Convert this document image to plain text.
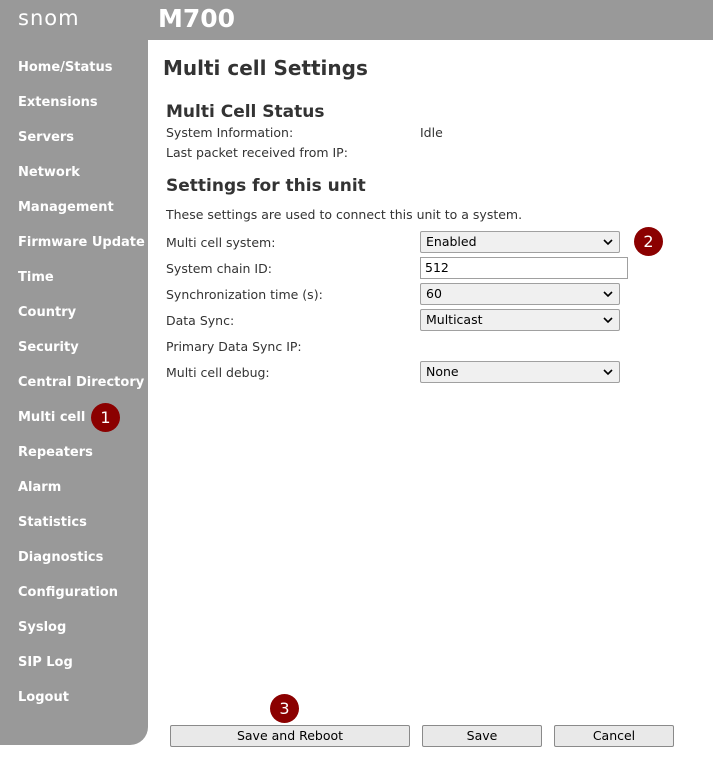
snom	M700
Home/Status
Extensions
Servers
Network
Management
Firmware Update
Time
Country
Security
Central Directory
Multi cell
Repeaters
Alarm
Statistics
Diagnostics
Configuration
Syslog
SIP Log
Logout
1
2
3
Multi cell Settings
Multi Cell Status
System Information:	Idle
Last packet received from IP:
Settings for this unit
These settings are used to connect this unit to a system.
Multi cell system:	Enabled
System chain ID:	512
Synchronization time (s):	60
Data Sync:	Multicast
Primary Data Sync IP:
Multi cell debug:	None
Save and Reboot	Save	Cancel
